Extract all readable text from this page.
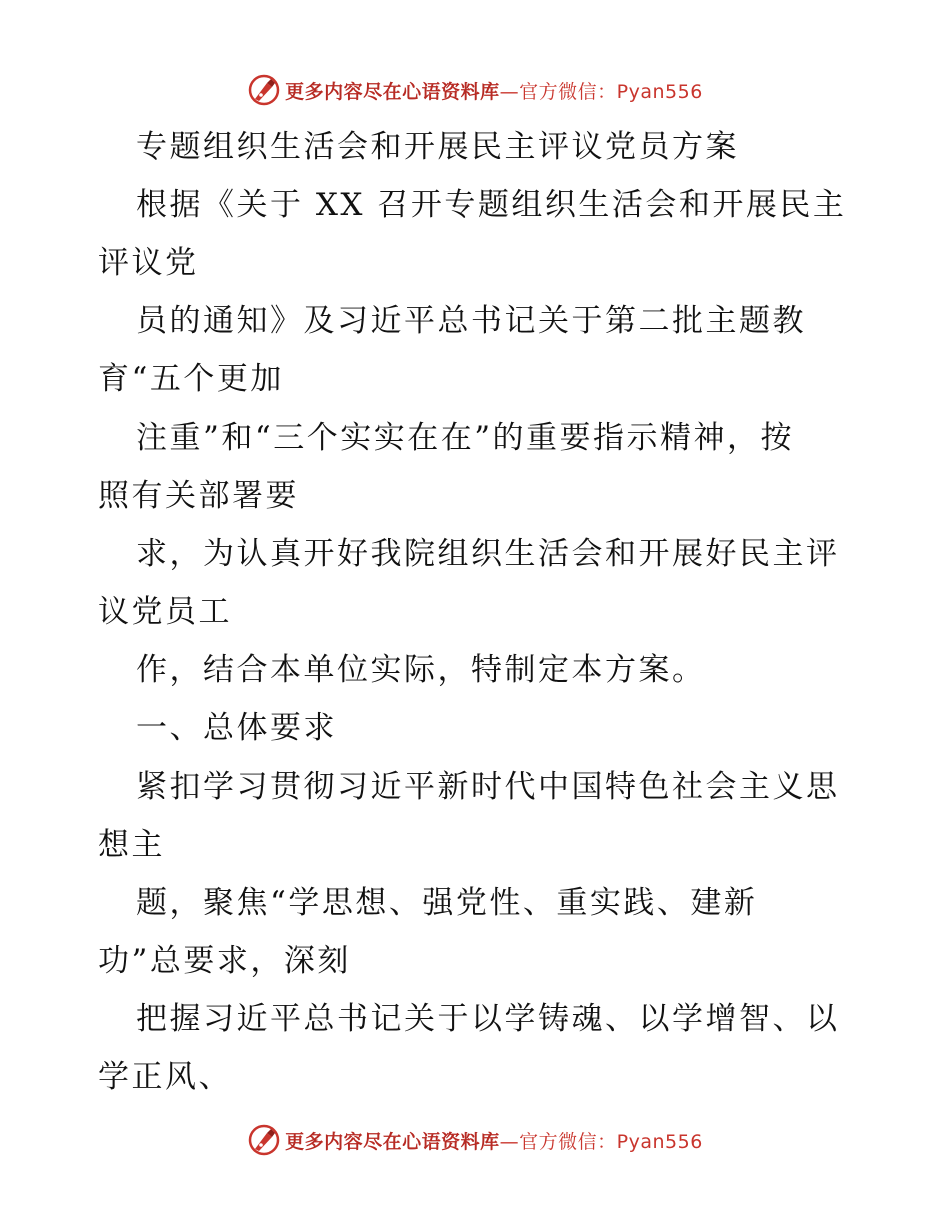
更多内容尽在心语资料库—官方微信：Pyan556
专题组织生活会和开展民主评议党员方案
根据《关于 XX 召开专题组织生活会和开展民主
评议党
员的通知》及习近平总书记关于第二批主题教
育“五个更加
注重”和“三个实实在在”的重要指示精神，按
照有关部署要
求，为认真开好我院组织生活会和开展好民主评
议党员工
作，结合本单位实际，特制定本方案。
一、总体要求
紧扣学习贯彻习近平新时代中国特色社会主义思
想主
题，聚焦“学思想、强党性、重实践、建新
功”总要求，深刻
把握习近平总书记关于以学铸魂、以学增智、以
学正风、
更多内容尽在心语资料库—官方微信：Pyan556
